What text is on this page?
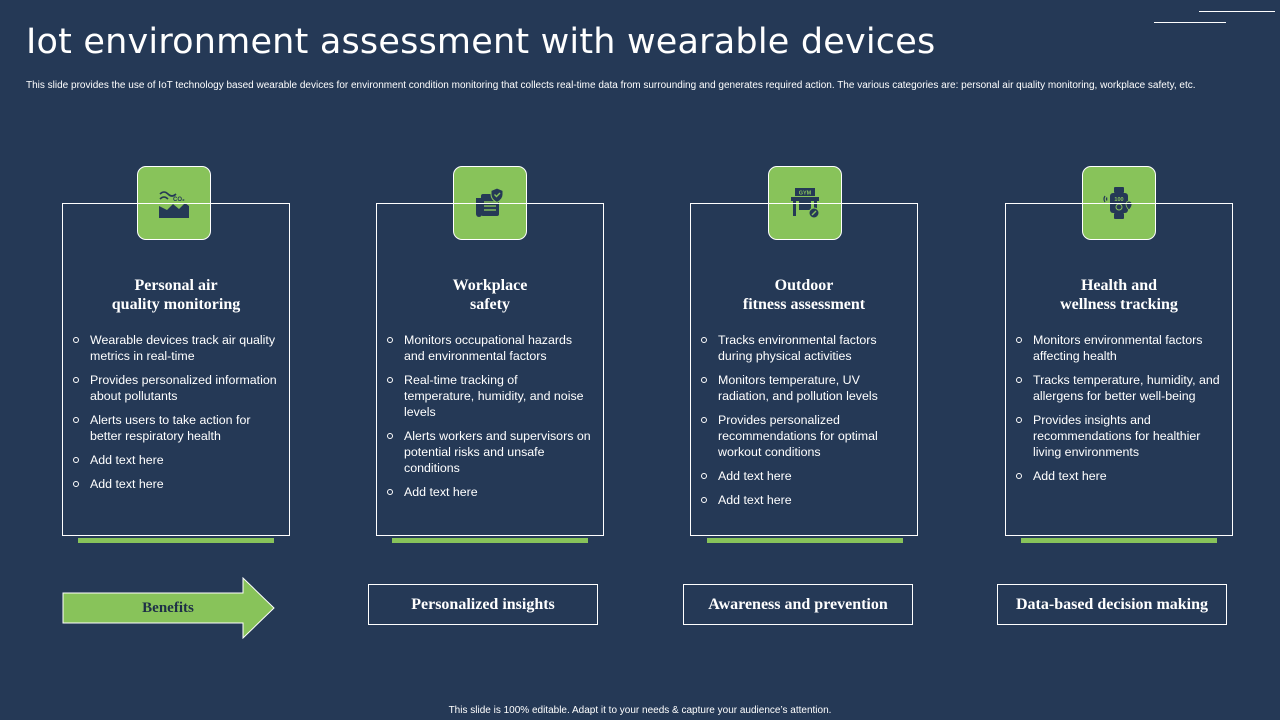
Iot environment assessment with wearable devices

This slide provides the use of IoT technology based wearable devices for environment condition monitoring that collects real-time data from surrounding and generates required action. The various categories are: personal air quality monitoring, workplace safety, etc.

CO₂
Personal air
quality monitoring
Wearable devices track air quality metrics in real-time
Provides personalized information about pollutants
Alerts users to take action for better respiratory health
Add text here
Add text here
Workplace
safety
Monitors occupational hazards and environmental factors
Real-time tracking of temperature, humidity, and noise levels
Alerts workers and supervisors on potential risks and unsafe conditions
Add text here
GYM
Outdoor
fitness assessment
Tracks environmental factors during physical activities
Monitors temperature, UV radiation, and pollution levels
Provides personalized recommendations for optimal workout conditions
Add text here
Add text here
100
Health and
wellness tracking
Monitors environmental factors affecting health
Tracks temperature, humidity, and allergens for better well-being
Provides insights and recommendations for healthier living environments
Add text here
Benefits	Personalized insights	Awareness and prevention	Data-based decision making
This slide is 100% editable. Adapt it to your needs & capture your audience’s attention.
